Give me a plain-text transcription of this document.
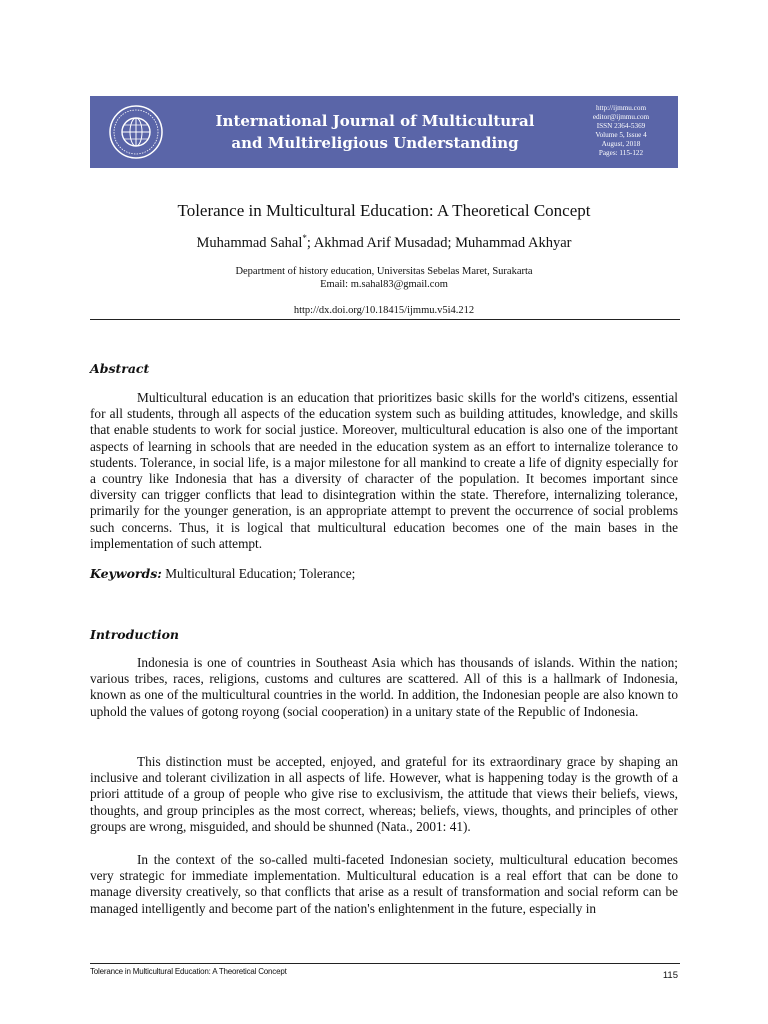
International Journal of Multicultural
and Multireligious Understanding
http://ijmmu.com
editor@ijmmu.com
ISSN 2364-5369
Volume 5, Issue 4
August, 2018
Pages: 115-122
Tolerance in Multicultural Education: A Theoretical Concept
Muhammad Sahal*; Akhmad Arif Musadad; Muhammad Akhyar
Department of history education, Universitas Sebelas Maret, Surakarta
Email: m.sahal83@gmail.com
http://dx.doi.org/10.18415/ijmmu.v5i4.212
Abstract
Multicultural education is an education that prioritizes basic skills for the world's citizens, essential for all students, through all aspects of the education system such as building attitudes, knowledge, and skills that enable students to work for social justice. Moreover, multicultural education is also one of the important aspects of learning in schools that are needed in the education system as an effort to internalize tolerance to students. Tolerance, in social life, is a major milestone for all mankind to create a life of dignity especially for a country like Indonesia that has a diversity of character of the population. It becomes important since diversity can trigger conflicts that lead to disintegration within the state. Therefore, internalizing tolerance, primarily for the younger generation, is an appropriate attempt to prevent the occurrence of social problems such concerns. Thus, it is logical that multicultural education becomes one of the main bases in the implementation of such attempt.
Keywords: Multicultural Education; Tolerance;
Introduction
Indonesia is one of countries in Southeast Asia which has thousands of islands. Within the nation; various tribes, races, religions, customs and cultures are scattered. All of this is a hallmark of Indonesia, known as one of the multicultural countries in the world. In addition, the Indonesian people are also known to uphold the values of gotong royong (social cooperation) in a unitary state of the Republic of Indonesia.
This distinction must be accepted, enjoyed, and grateful for its extraordinary grace by shaping an inclusive and tolerant civilization in all aspects of life. However, what is happening today is the growth of a priori attitude of a group of people who give rise to exclusivism, the attitude that views their beliefs, views, thoughts, and group principles as the most correct, whereas; beliefs, views, thoughts, and principles of other groups are wrong, misguided, and should be shunned (Nata., 2001: 41).
In the context of the so-called multi-faceted Indonesian society, multicultural education becomes very strategic for immediate implementation. Multicultural education is a real effort that can be done to manage diversity creatively, so that conflicts that arise as a result of transformation and social reform can be managed intelligently and become part of the nation's enlightenment in the future, especially in
Tolerance in Multicultural Education: A Theoretical Concept	115
